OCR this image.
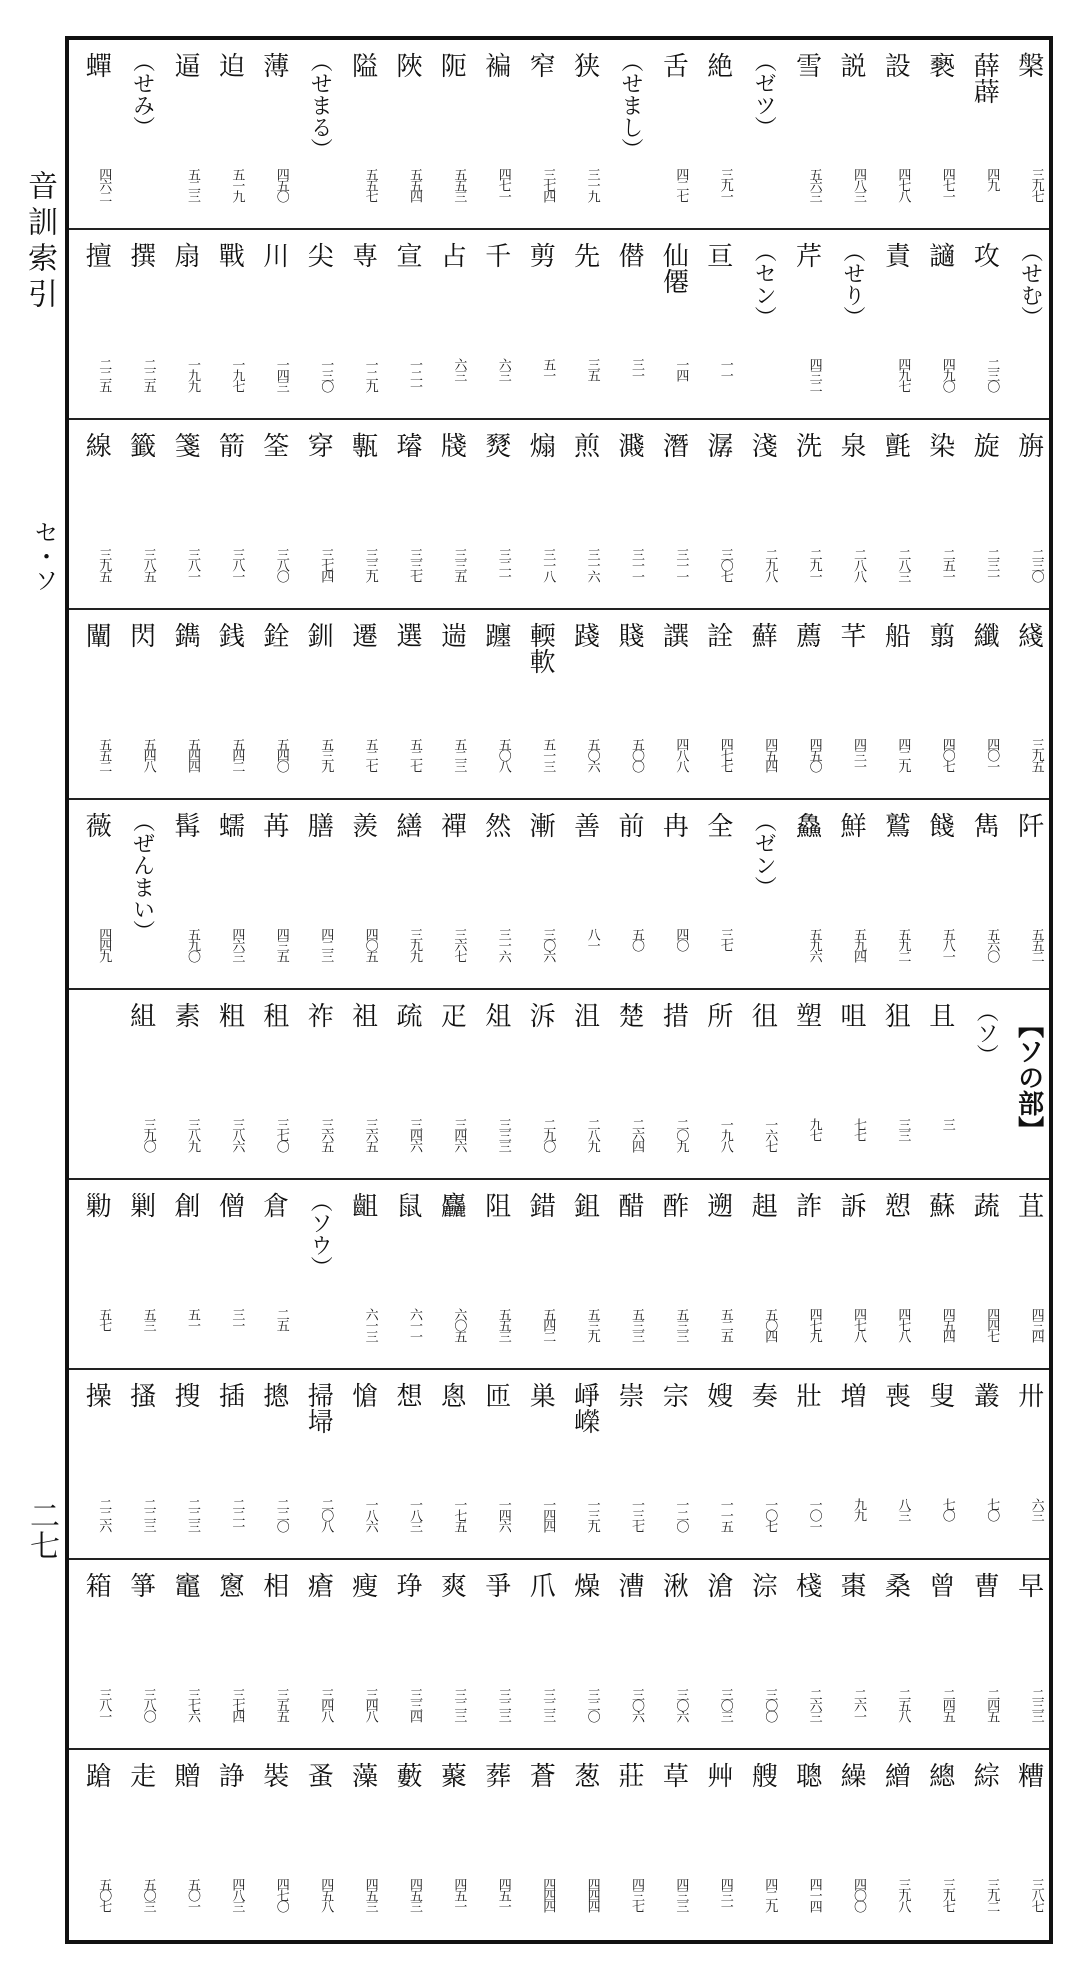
音訓索引
セ・ソ
二七
槃
三九七
薛薜
四九
褻
四七一
設
四七八
説
四八三
雪
五六三
（ゼツ）
絶
三九一
舌
四二七
（せまし）
狭
三一九
窄
三七四
褊
四七一
阨
五五三
陜
五五四
隘
五五七
（せまる）
薄
四五〇
迫
五一九
逼
五二三
（せみ）
蟬
四六二
（せむ）
攻
二三〇
讁
四九〇
責
四九七
（せり）
芹
四三二
（セン）
亘
一一
仙僊
一四
僣
三一
先
三五
剪
五一
千
六三
占
六三
宣
一二一
専
一二九
尖
一三〇
川
一四三
戰
一九七
扇
一九九
撰
二二五
擅
二二五
旃
二三〇
旋
二三一
染
二五一
氈
二八三
泉
二八八
洗
二九一
淺
二九八
潺
三〇七
潛
三一一
濺
三一一
煎
三一六
煽
三一八
燹
三二一
牋
三三五
璿
三三七
甎
三三九
穿
三七四
筌
三八〇
箭
三八一
箋
三八一
籤
三八五
線
三九五
綫
三九五
纖
四〇一
翦
四〇七
船
四二九
芊
四三一
薦
四五〇
蘚
四五四
詮
四七七
譔
四八八
賤
五〇〇
踐
五〇六
輭軟
五一三
躔
五〇八
遄
五二三
選
五二七
遷
五二七
釧
五三九
銓
五四〇
銭
五四二
鐫
五四四
閃
五四八
闡
五五二
阡
五五二
雋
五六〇
餞
五八一
鷲
五九二
鮮
五九四
鱻
五九六
（ゼン）
全
三七
冉
四〇
前
五〇
善
八一
漸
三〇六
然
三一六
禪
三六七
繕
三九九
羨
四〇五
膳
四二三
苒
四三五
蠕
四六三
髯
五九〇
（ぜんまい）
薇
四四九
【ソの部】
（ソ）
且
三
狙
三三
咀
七七
塑
九七
徂
一六七
所
一九八
措
二〇九
楚
二六四
沮
二八九
泝
二九〇
俎
三三三
疋
三四六
疏
三四六
祖
三六五
祚
三六五
租
三七〇
粗
三八六
素
三八九
組
三九〇
苴
四三四
蔬
四四七
蘇
四五四
愬
四七八
訴
四七八
詐
四七九
趄
五〇四
遡
五二五
酢
五三三
醋
五三三
鉏
五三九
錯
五四二
阻
五五三
麤
六〇五
鼠
六一一
齟
六一三
（ソウ）
倉
二五
僧
三一
創
五一
剿
五三
勦
五七
卅
六三
叢
七〇
叟
七〇
喪
八三
増
九九
壯
一〇一
奏
一〇七
嫂
一一五
宗
一二〇
崇
一三七
崢嶸
一三九
巣
一四四
匝
一四六
悤
一七五
想
一八三
愴
一八六
掃埽
二〇八
摠
二二〇
插
二二一
搜
二二三
搔
二二三
操
二二六
早
二三三
曹
二四五
曾
二四五
桑
二五八
棗
二六一
棧
二六三
淙
三〇〇
滄
三〇三
湫
三〇六
漕
三〇六
燥
三二〇
爪
三二三
爭
三二三
爽
三二三
琤
三三四
瘦
三四八
瘡
三四八
相
三五五
窻
三七四
竈
三七六
箏
三八〇
箱
三八一
糟
三八七
綜
三九二
總
三九七
繒
三九八
繰
四〇〇
聰
四一四
艘
四二九
艸
四三一
草
四三三
莊
四三七
葱
四四四
蒼
四四四
葬
四五一
藂
四五一
藪
四五三
藻
四五三
蚤
四五八
裝
四七〇
諍
四八三
贈
五〇一
走
五〇三
蹌
五〇七
